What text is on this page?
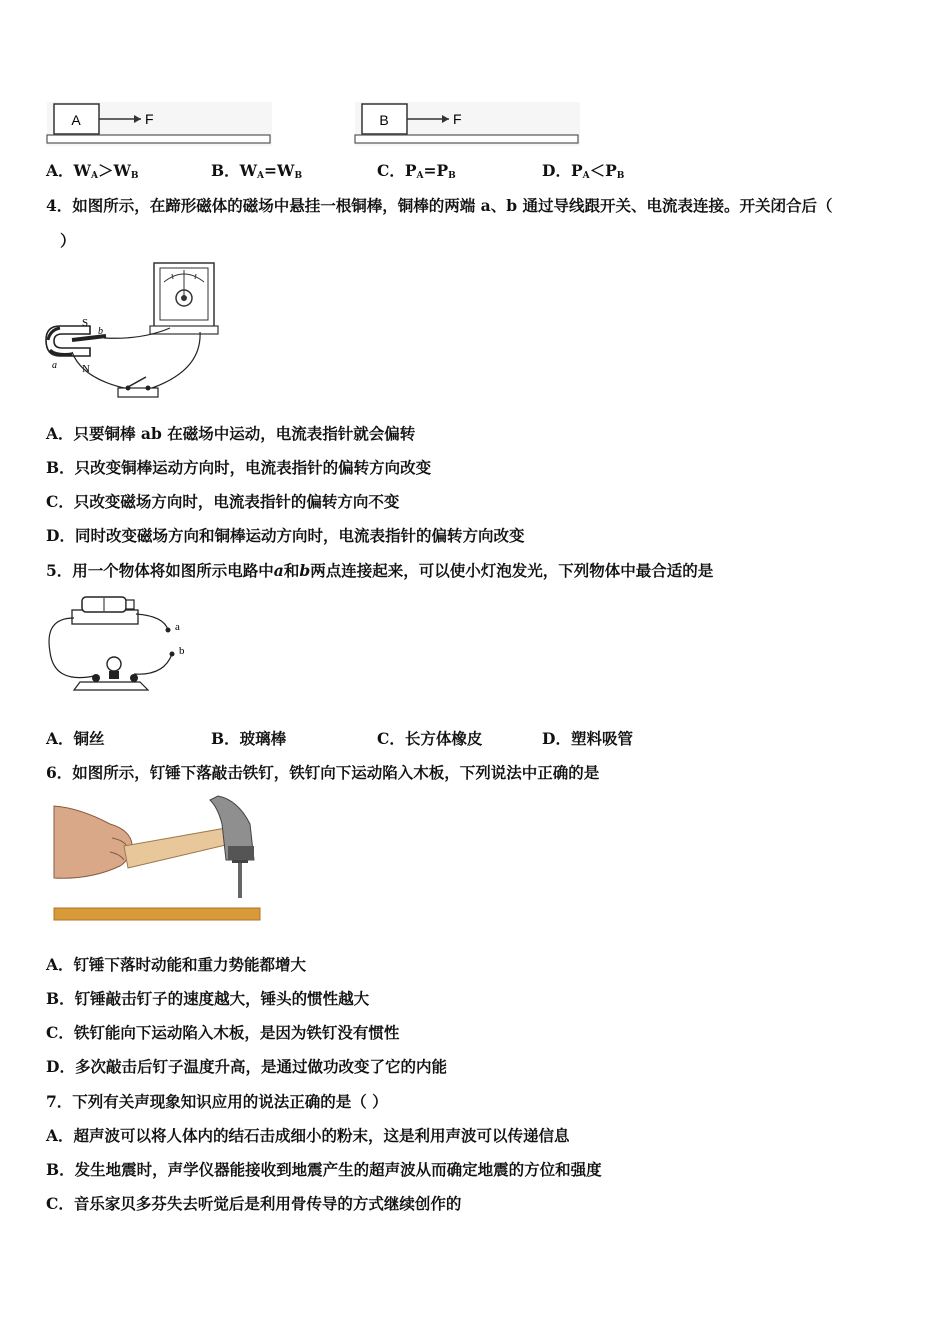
A	F	B	F
A．$W_A>W_B$	B．$W_A=W_B$	C．$P_A=P_B$	D．$P_A<P_B$
4．如图所示，在蹄形磁体的磁场中悬挂一根铜棒，铜棒的两端 a、b 通过导线跟开关、电流表连接。开关闭合后（
）
S
N
a
b
A．只要铜棒 ab 在磁场中运动，电流表指针就会偏转
B．只改变铜棒运动方向时，电流表指针的偏转方向改变
C．只改变磁场方向时，电流表指针的偏转方向不变
D．同时改变磁场方向和铜棒运动方向时，电流表指针的偏转方向改变
5．用一个物体将如图所示电路中a和b两点连接起来，可以使小灯泡发光，下列物体中最合适的是
a
b
A．铜丝	B．玻璃棒	C．长方体橡皮	D．塑料吸管
6．如图所示，钉锤下落敲击铁钉，铁钉向下运动陷入木板，下列说法中正确的是
A．钉锤下落时动能和重力势能都增大
B．钉锤敲击钉子的速度越大，锤头的惯性越大
C．铁钉能向下运动陷入木板，是因为铁钉没有惯性
D．多次敲击后钉子温度升高，是通过做功改变了它的内能
7．下列有关声现象知识应用的说法正确的是（ ）
A．超声波可以将人体内的结石击成细小的粉末，这是利用声波可以传递信息
B．发生地震时，声学仪器能接收到地震产生的超声波从而确定地震的方位和强度
C．音乐家贝多芬失去听觉后是利用骨传导的方式继续创作的
